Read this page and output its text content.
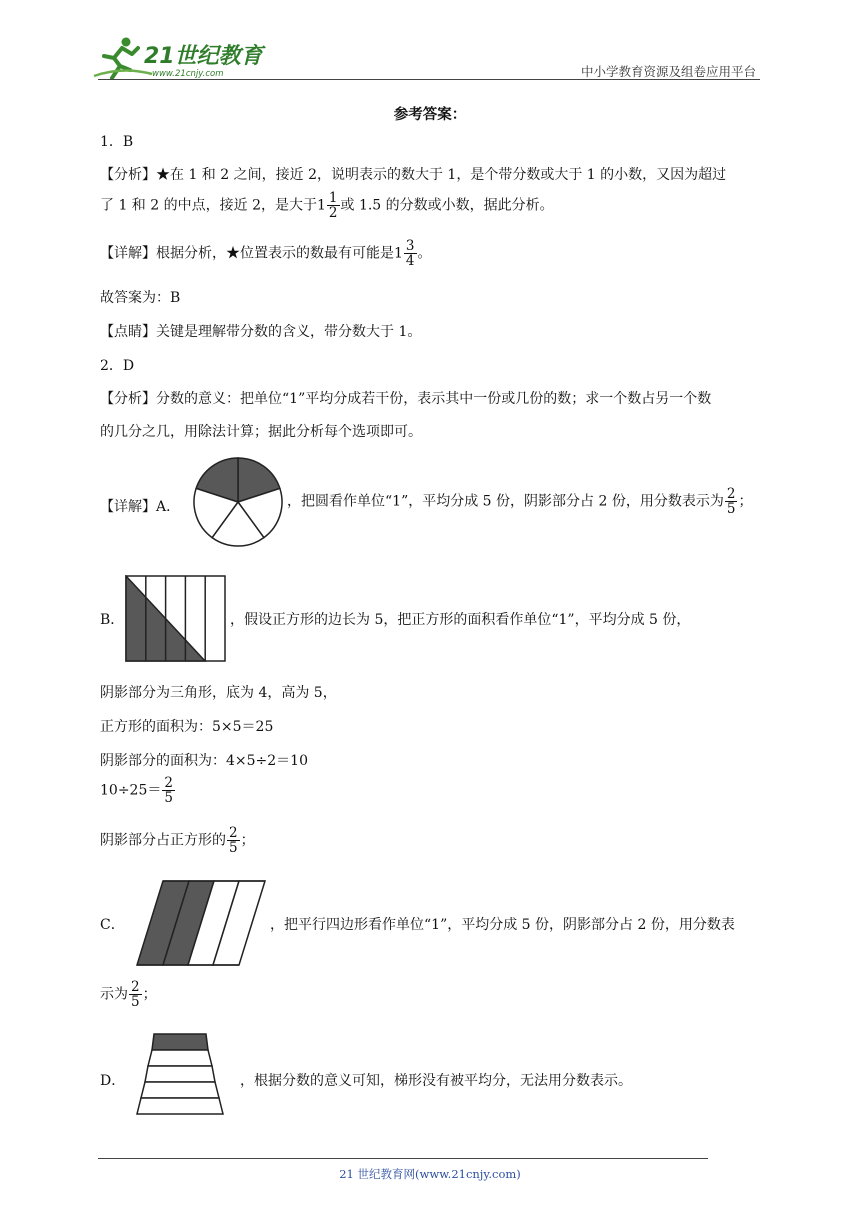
21世纪教育
www.21cnjy.com	中小学教育资源及组卷应用平台
参考答案：
1．B
【分析】★在 1 和 2 之间，接近 2，说明表示的数大于 1，是个带分数或大于 1 的小数，又因为超过
了 1 和 2 的中点，接近 2，是大于$1 \frac{1}{2}$ 或 1.5 的分数或小数，据此分析。
【详解】根据分析，★位置表示的数最有可能是$1 \frac{3}{4}$ 。
故答案为：B
【点睛】关键是理解带分数的含义，带分数大于 1。
2．D
【分析】分数的意义：把单位“1”平均分成若干份，表示其中一份或几份的数；求一个数占另一个数
的几分之几，用除法计算；据此分析每个选项即可。
【详解】A．	，把圆看作单位“1”，平均分成 5 份，阴影部分占 2 份，用分数表示为 $\frac{2}{5}$ ；
B．	，假设正方形的边长为 5，把正方形的面积看作单位“1”，平均分成 5 份，
阴影部分为三角形，底为 4，高为 5，
正方形的面积为：5×5＝25
阴影部分的面积为：4×5÷2＝10
$10\div 25= \frac{2}{5}$
阴影部分占正方形的 $\frac{2}{5}$ ；
C．	，把平行四边形看作单位“1”，平均分成 5 份，阴影部分占 2 份，用分数表
示为 $\frac{2}{5}$ ；
D．	，根据分数的意义可知，梯形没有被平均分，无法用分数表示。
21 世纪教育网(www.21cnjy.com)
